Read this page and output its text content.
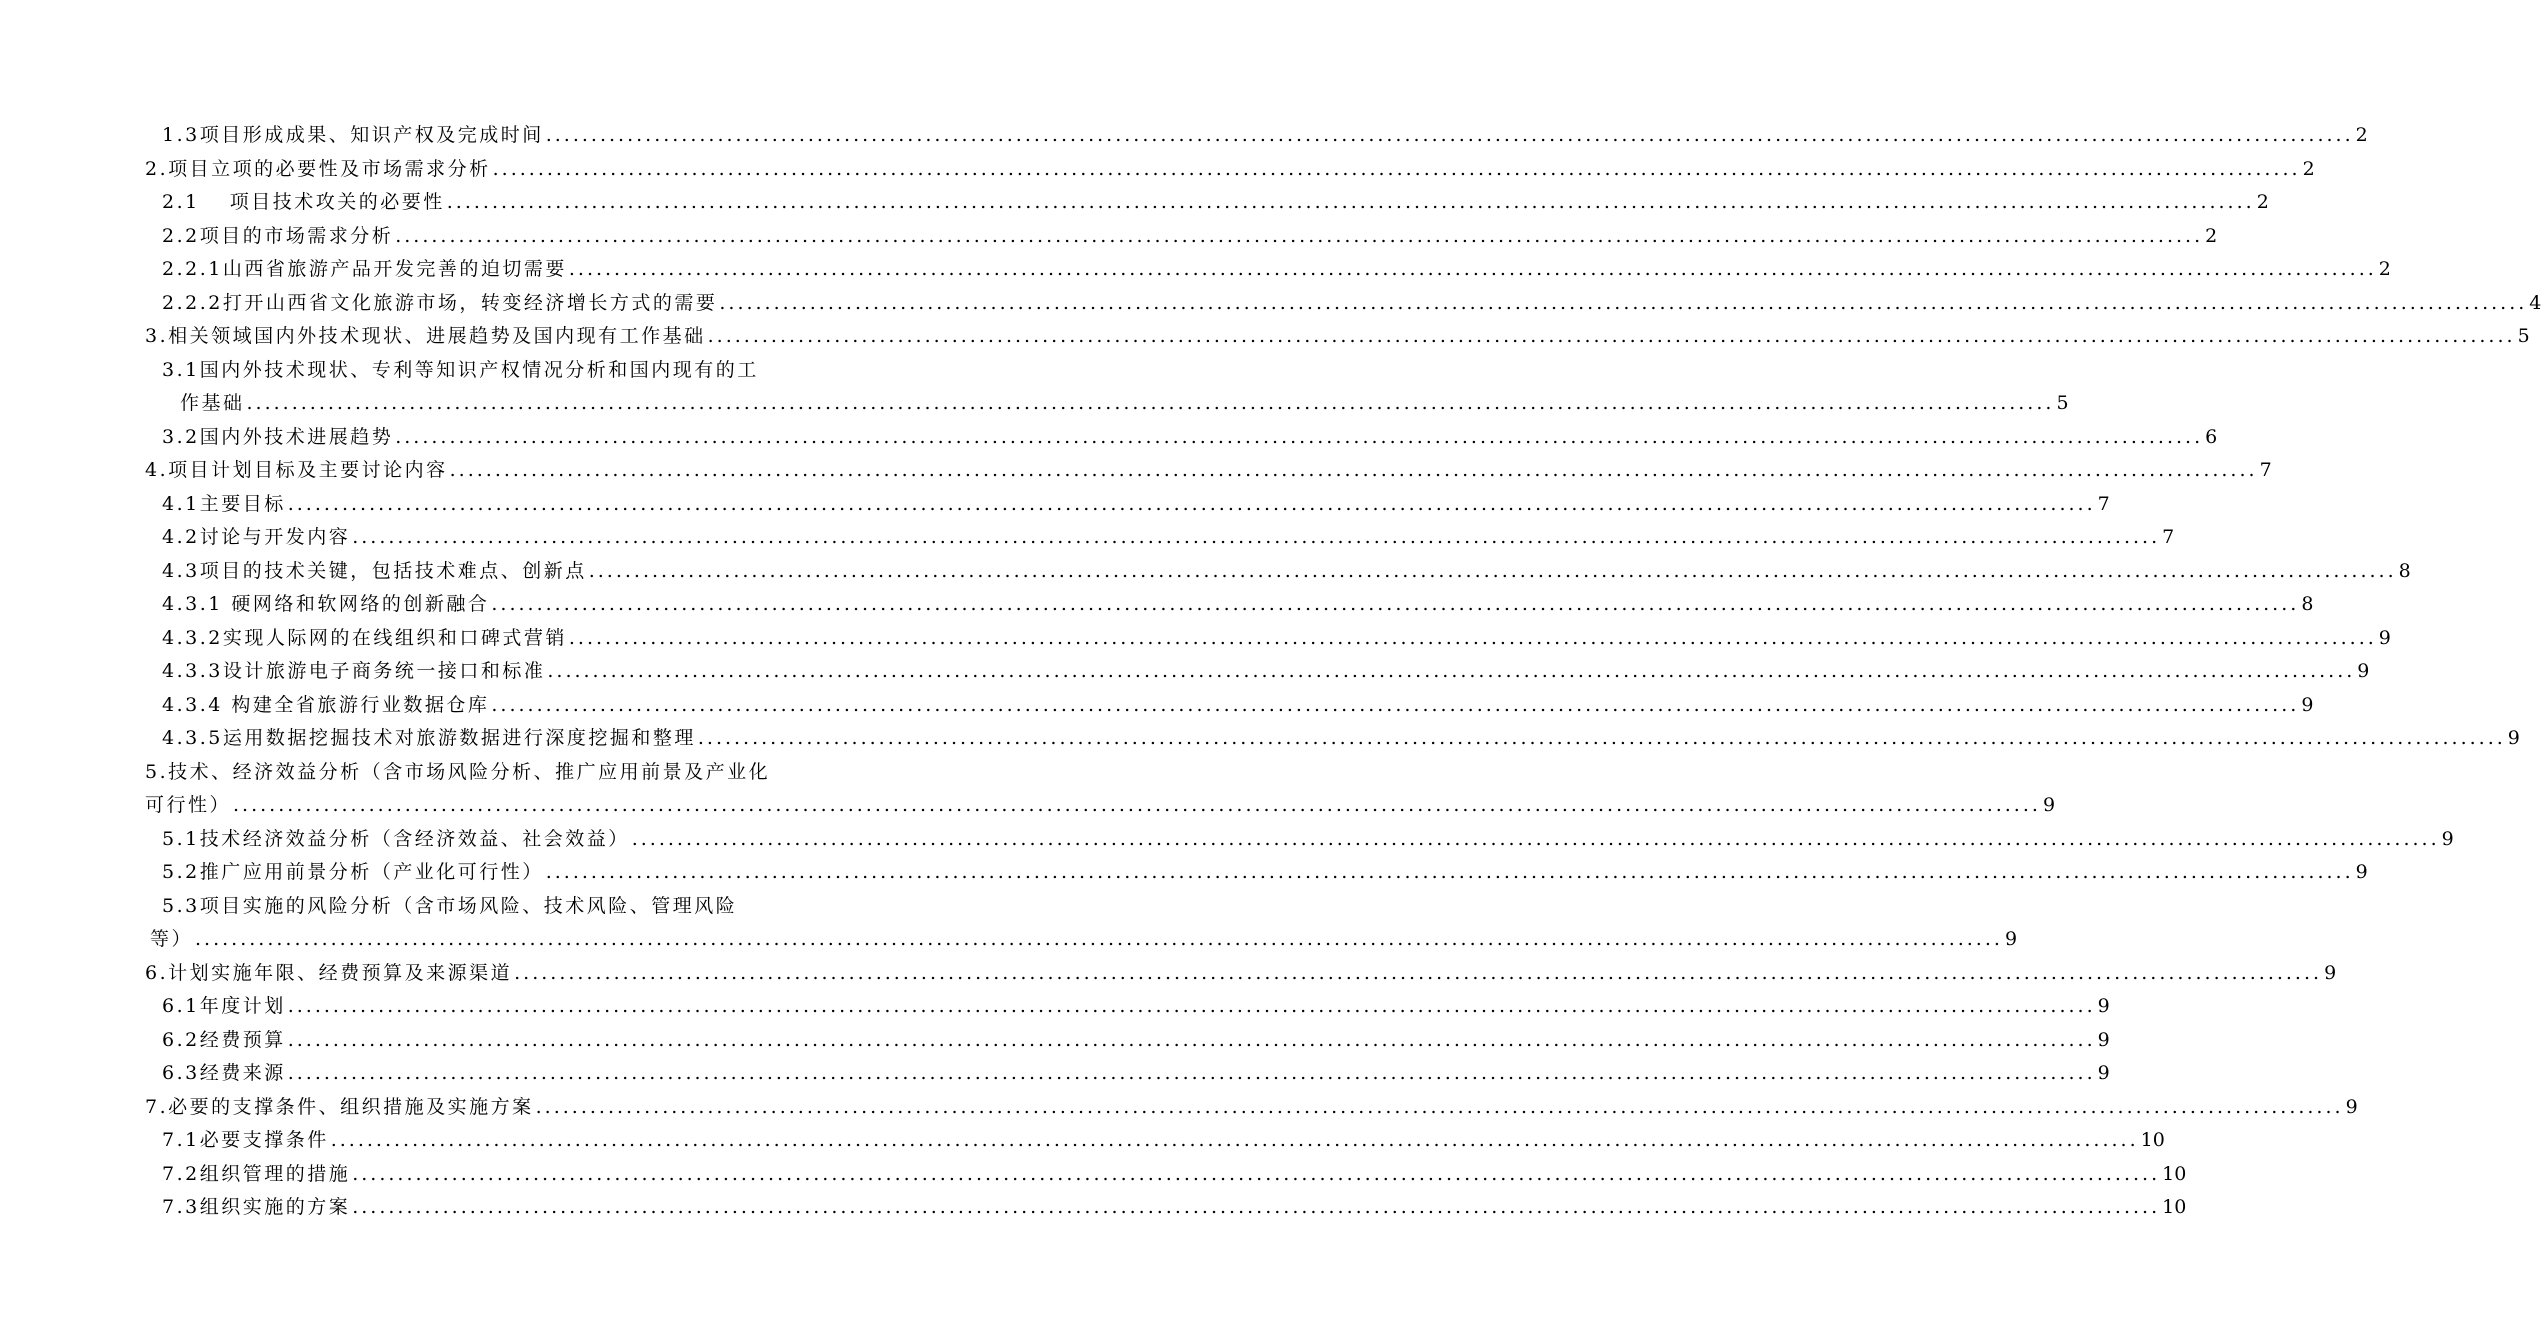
1.3项目形成成果、知识产权及完成时间 ........................................................................................................................................................................................................ 2
2.项目立项的必要性及市场需求分析 ........................................................................................................................................................................................................ 2
2.1　 项目技术攻关的必要性 ........................................................................................................................................................................................................ 2
2.2项目的市场需求分析 ........................................................................................................................................................................................................ 2
2.2.1山西省旅游产品开发完善的迫切需要 ........................................................................................................................................................................................................ 2
2.2.2打开山西省文化旅游市场，转变经济增长方式的需要 ........................................................................................................................................................................................................ 4
3.相关领域国内外技术现状、进展趋势及国内现有工作基础 ........................................................................................................................................................................................................ 5
3.1国内外技术现状、专利等知识产权情况分析和国内现有的工
作基础 ........................................................................................................................................................................................................ 5
3.2国内外技术进展趋势 ........................................................................................................................................................................................................ 6
4.项目计划目标及主要讨论内容 ........................................................................................................................................................................................................ 7
4.1主要目标 ........................................................................................................................................................................................................ 7
4.2讨论与开发内容 ........................................................................................................................................................................................................ 7
4.3项目的技术关键，包括技术难点、创新点 ........................................................................................................................................................................................................ 8
4.3.1 硬网络和软网络的创新融合 ........................................................................................................................................................................................................ 8
4.3.2实现人际网的在线组织和口碑式营销 ........................................................................................................................................................................................................ 9
4.3.3设计旅游电子商务统一接口和标准 ........................................................................................................................................................................................................ 9
4.3.4 构建全省旅游行业数据仓库 ........................................................................................................................................................................................................ 9
4.3.5运用数据挖掘技术对旅游数据进行深度挖掘和整理 ........................................................................................................................................................................................................ 9
5.技术、经济效益分析（含市场风险分析、推广应用前景及产业化
可行性） ........................................................................................................................................................................................................ 9
5.1技术经济效益分析（含经济效益、社会效益） ........................................................................................................................................................................................................ 9
5.2推广应用前景分析（产业化可行性） ........................................................................................................................................................................................................ 9
5.3项目实施的风险分析（含市场风险、技术风险、管理风险
等） ........................................................................................................................................................................................................ 9
6.计划实施年限、经费预算及来源渠道 ........................................................................................................................................................................................................ 9
6.1年度计划 ........................................................................................................................................................................................................ 9
6.2经费预算 ........................................................................................................................................................................................................ 9
6.3经费来源 ........................................................................................................................................................................................................ 9
7.必要的支撑条件、组织措施及实施方案 ........................................................................................................................................................................................................ 9
7.1必要支撑条件 ........................................................................................................................................................................................................ 10
7.2组织管理的措施 ........................................................................................................................................................................................................ 10
7.3组织实施的方案 ........................................................................................................................................................................................................ 10
